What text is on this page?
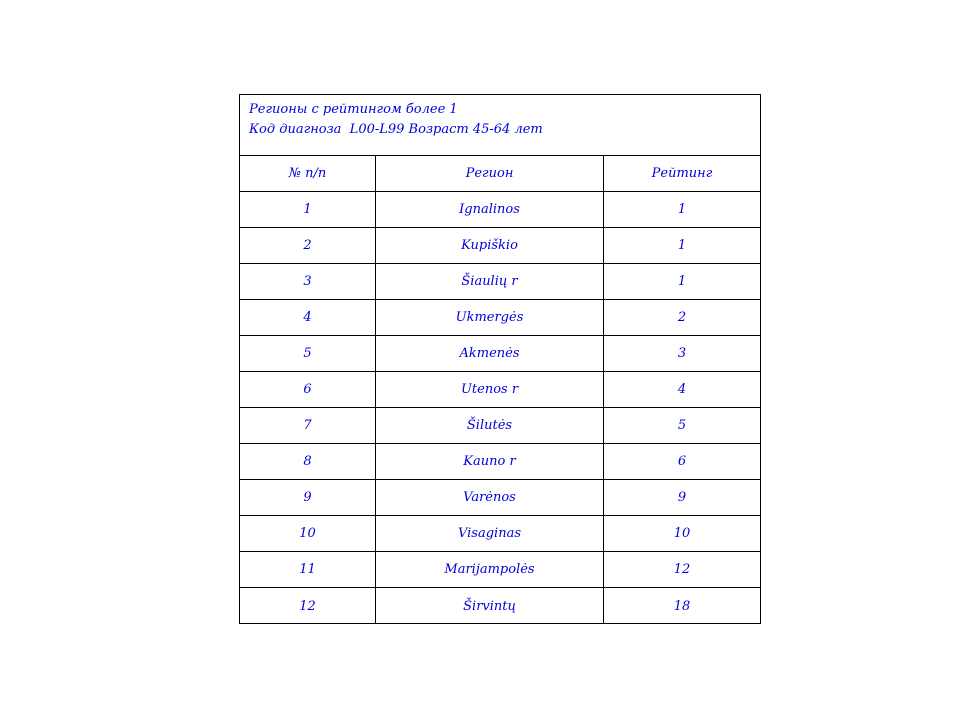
Регионы с рейтингом более 1
Код диагноза  L00-L99 Возраст 45-64 лет
№ п/п	Регион	Рейтинг
1	Ignalinos	1
2	Kupiškio	1
3	Šiaulių r	1
4	Ukmergės	2
5	Akmenės	3
6	Utenos r	4
7	Šilutės	5
8	Kauno r	6
9	Varėnos	9
10	Visaginas	10
11	Marijampolės	12
12	Širvintų	18
